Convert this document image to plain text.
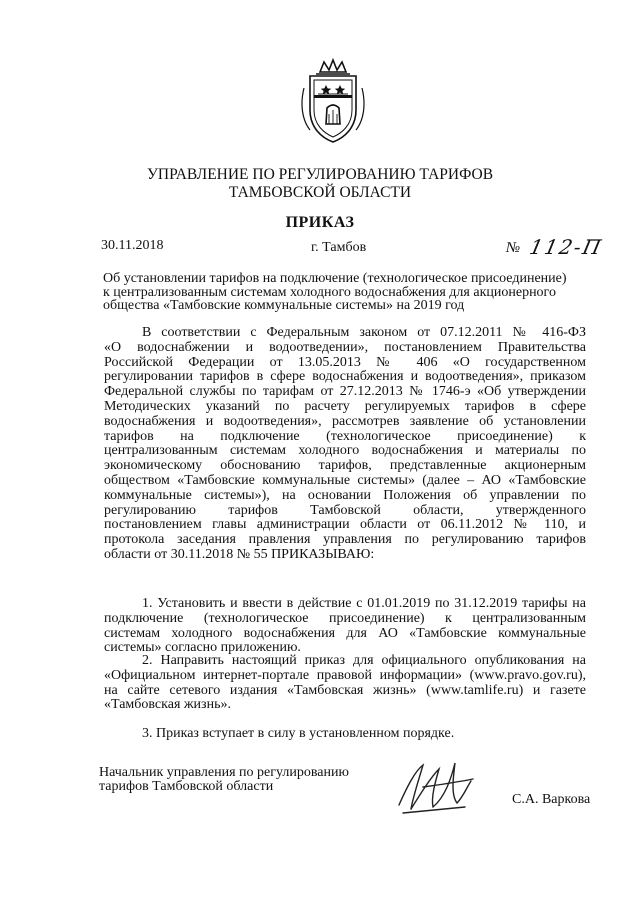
УПРАВЛЕНИЕ ПО РЕГУЛИРОВАНИЮ ТАРИФОВ
ТАМБОВСКОЙ ОБЛАСТИ
ПРИКАЗ
30.11.2018	г. Тамбов	№ 112-П
Об установлении тарифов на подключение (технологическое присоединение)
к централизованным системам холодного водоснабжения для акционерного
общества «Тамбовские коммунальные системы» на 2019 год
В соответствии с Федеральным законом от 07.12.2011 № 416-ФЗ
«О водоснабжении и водоотведении», постановлением Правительства
Российской Федерации от 13.05.2013 № 406 «О государственном
регулировании тарифов в сфере водоснабжения и водоотведения», приказом
Федеральной службы по тарифам от 27.12.2013 № 1746-э «Об утверждении
Методических указаний по расчету регулируемых тарифов в сфере
водоснабжения и водоотведения», рассмотрев заявление об установлении
тарифов на подключение (технологическое присоединение) к
централизованным системам холодного водоснабжения и материалы по
экономическому обоснованию тарифов, представленные акционерным
обществом «Тамбовские коммунальные системы» (далее – АО «Тамбовские
коммунальные системы»), на основании Положения об управлении по
регулированию тарифов Тамбовской области, утвержденного
постановлением главы администрации области от 06.11.2012 № 110, и
протокола заседания правления управления по регулированию тарифов
области от 30.11.2018 № 55 ПРИКАЗЫВАЮ:
1. Установить и ввести в действие с 01.01.2019 по 31.12.2019 тарифы на
подключение (технологическое присоединение) к централизованным
системам холодного водоснабжения для АО «Тамбовские коммунальные
системы» согласно приложению.
2. Направить настоящий приказ для официального опубликования на
«Официальном интернет-портале правовой информации» (www.pravo.gov.ru),
на сайте сетевого издания «Тамбовская жизнь» (www.tamlife.ru) и газете
«Тамбовская жизнь».
3. Приказ вступает в силу в установленном порядке.
Начальник управления по регулированию
тарифов Тамбовской области
С.А. Варкова
